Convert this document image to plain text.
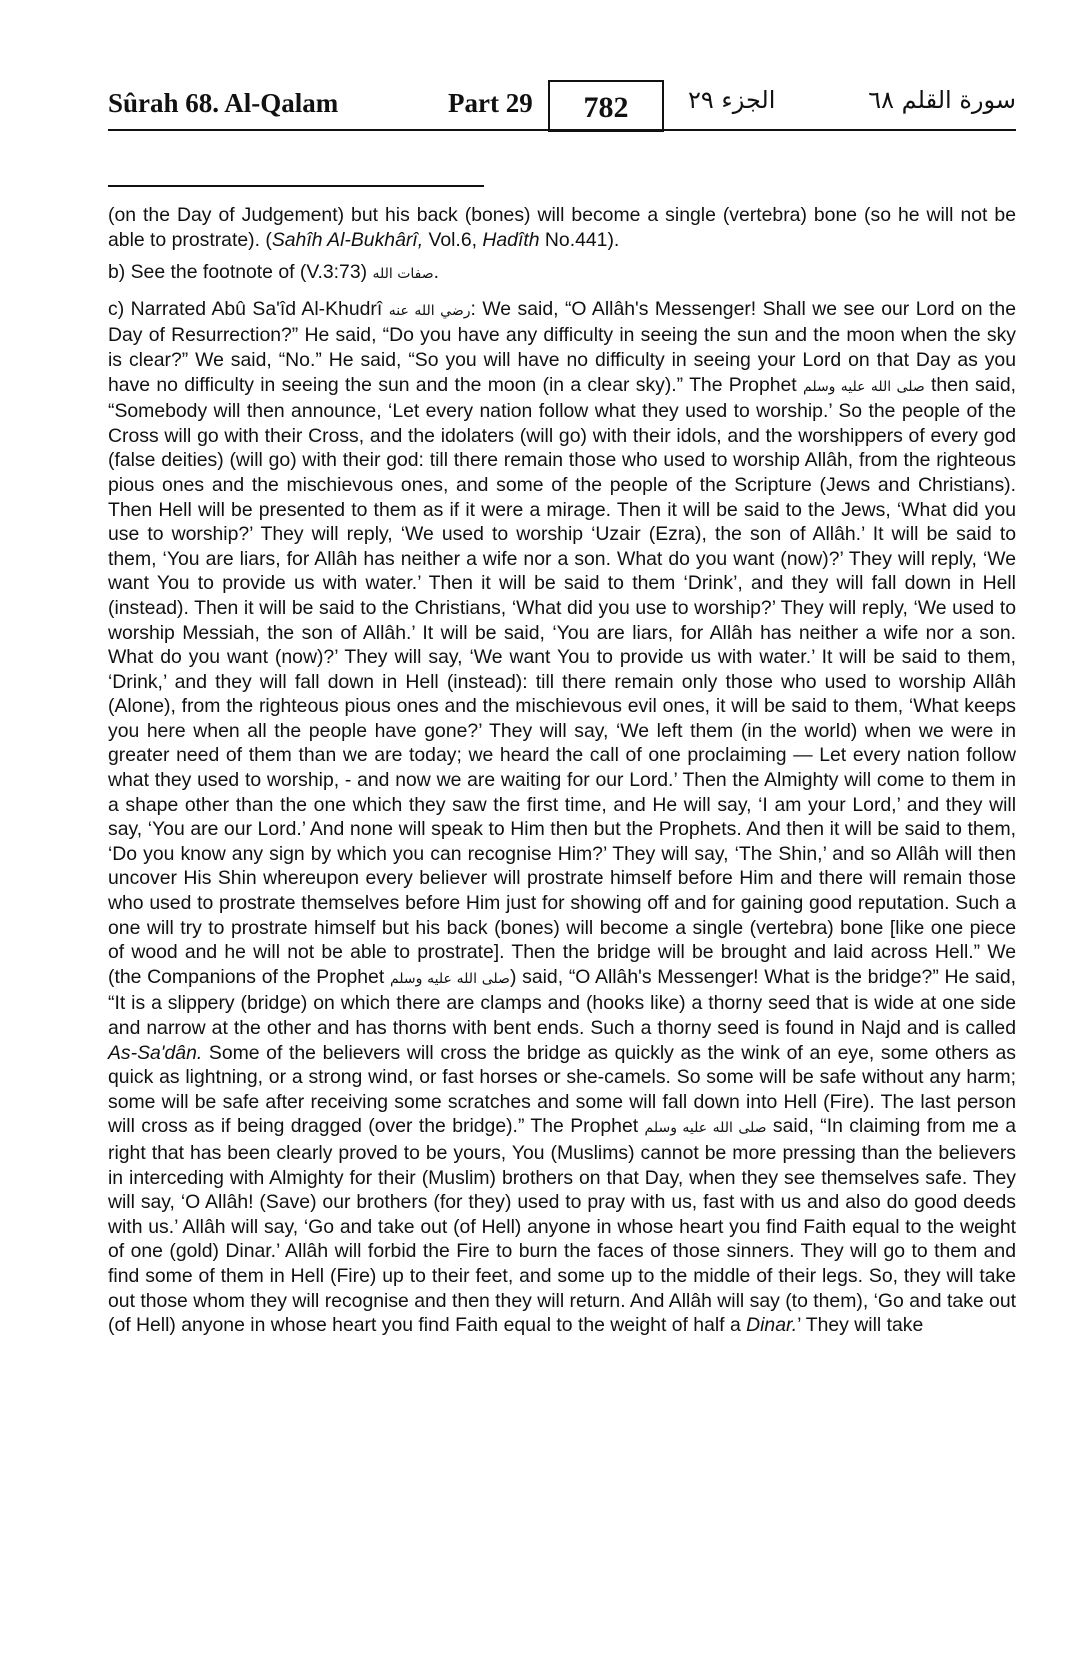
Sûrah 68. Al-Qalam	Part 29	782	الجزء ٢٩	سورة القلم ٦٨

(on the Day of Judgement) but his back (bones) will become a single (vertebra) bone (so he will not be able to prostrate). (Sahîh Al-Bukhârî, Vol.6, Hadîth No.441).

b) See the footnote of (V.3:73) صفات الله.

c) Narrated Abû Sa'îd Al-Khudrî رضي الله عنه: We said, “O Allâh's Messenger! Shall we see our Lord on the Day of Resurrection?” He said, “Do you have any difficulty in seeing the sun and the moon when the sky is clear?” We said, “No.” He said, “So you will have no difficulty in seeing your Lord on that Day as you have no difficulty in seeing the sun and the moon (in a clear sky).” The Prophet صلى الله عليه وسلم then said, “Somebody will then announce, ‘Let every nation follow what they used to worship.’ So the people of the Cross will go with their Cross, and the idolaters (will go) with their idols, and the worshippers of every god (false deities) (will go) with their god: till there remain those who used to worship Allâh, from the righteous pious ones and the mischievous ones, and some of the people of the Scripture (Jews and Christians). Then Hell will be presented to them as if it were a mirage. Then it will be said to the Jews, ‘What did you use to worship?’ They will reply, ‘We used to worship ‘Uzair (Ezra), the son of Allâh.’ It will be said to them, ‘You are liars, for Allâh has neither a wife nor a son. What do you want (now)?’ They will reply, ‘We want You to provide us with water.’ Then it will be said to them ‘Drink’, and they will fall down in Hell (instead). Then it will be said to the Christians, ‘What did you use to worship?’ They will reply, ‘We used to worship Messiah, the son of Allâh.’ It will be said, ‘You are liars, for Allâh has neither a wife nor a son. What do you want (now)?’ They will say, ‘We want You to provide us with water.’ It will be said to them, ‘Drink,’ and they will fall down in Hell (instead): till there remain only those who used to worship Allâh (Alone), from the righteous pious ones and the mischievous evil ones, it will be said to them, ‘What keeps you here when all the people have gone?’ They will say, ‘We left them (in the world) when we were in greater need of them than we are today; we heard the call of one proclaiming — Let every nation follow what they used to worship, - and now we are waiting for our Lord.’ Then the Almighty will come to them in a shape other than the one which they saw the first time, and He will say, ‘I am your Lord,’ and they will say, ‘You are our Lord.’ And none will speak to Him then but the Prophets. And then it will be said to them, ‘Do you know any sign by which you can recognise Him?’ They will say, ‘The Shin,’ and so Allâh will then uncover His Shin whereupon every believer will prostrate himself before Him and there will remain those who used to prostrate themselves before Him just for showing off and for gaining good reputation. Such a one will try to prostrate himself but his back (bones) will become a single (vertebra) bone [like one piece of wood and he will not be able to prostrate]. Then the bridge will be brought and laid across Hell.” We (the Companions of the Prophet صلى الله عليه وسلم) said, “O Allâh's Messenger! What is the bridge?” He said, “It is a slippery (bridge) on which there are clamps and (hooks like) a thorny seed that is wide at one side and narrow at the other and has thorns with bent ends. Such a thorny seed is found in Najd and is called As-Sa'dân. Some of the believers will cross the bridge as quickly as the wink of an eye, some others as quick as lightning, or a strong wind, or fast horses or she-camels. So some will be safe without any harm; some will be safe after receiving some scratches and some will fall down into Hell (Fire). The last person will cross as if being dragged (over the bridge).” The Prophet صلى الله عليه وسلم said, “In claiming from me a right that has been clearly proved to be yours, You (Muslims) cannot be more pressing than the believers in interceding with Almighty for their (Muslim) brothers on that Day, when they see themselves safe. They will say, ‘O Allâh! (Save) our brothers (for they) used to pray with us, fast with us and also do good deeds with us.’ Allâh will say, ‘Go and take out (of Hell) anyone in whose heart you find Faith equal to the weight of one (gold) Dinar.’ Allâh will forbid the Fire to burn the faces of those sinners. They will go to them and find some of them in Hell (Fire) up to their feet, and some up to the middle of their legs. So, they will take out those whom they will recognise and then they will return. And Allâh will say (to them), ‘Go and take out (of Hell) anyone in whose heart you find Faith equal to the weight of half a Dinar.’ They will take
